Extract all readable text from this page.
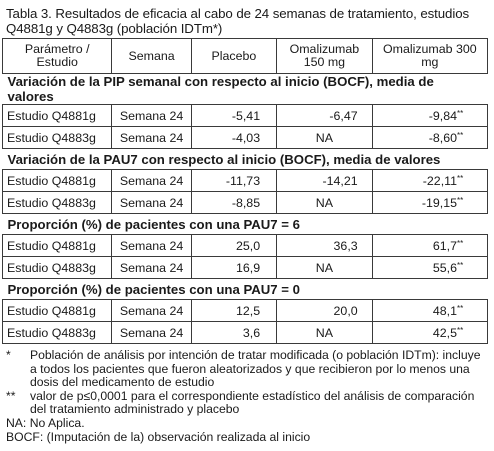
Tabla 3. Resultados de eficacia al cabo de 24 semanas de tratamiento, estudios Q4881g y Q4883g (población IDTm*)
Parámetro / Estudio	Semana	Placebo	Omalizumab 150 mg	Omalizumab 300 mg
Variación de la PIP semanal con respecto al inicio (BOCF), media de valores				
Estudio Q4881g	Semana 24	-5,41	-6,47	-9,84**
Estudio Q4883g	Semana 24	-4,03	NA	-8,60**
Variación de la PAU7 con respecto al inicio (BOCF), media de valores				
Estudio Q4881g	Semana 24	-11,73	-14,21	-22,11**
Estudio Q4883g	Semana 24	-8,85	NA	-19,15**
Proporción (%) de pacientes con una PAU7 = 6				
Estudio Q4881g	Semana 24	25,0	36,3	61,7**
Estudio Q4883g	Semana 24	16,9	NA	55,6**
Proporción (%) de pacientes con una PAU7 = 0				
Estudio Q4881g	Semana 24	12,5	20,0	48,1**
Estudio Q4883g	Semana 24	3,6	NA	42,5**
* Población de análisis por intención de tratar modificada (o población IDTm): incluye a todos los pacientes que fueron aleatorizados y que recibieron por lo menos una dosis del medicamento de estudio
** valor de p≤0,0001 para el correspondiente estadístico del análisis de comparación del tratamiento administrado y placebo
NA: No Aplica.
BOCF: (Imputación de la) observación realizada al inicio
